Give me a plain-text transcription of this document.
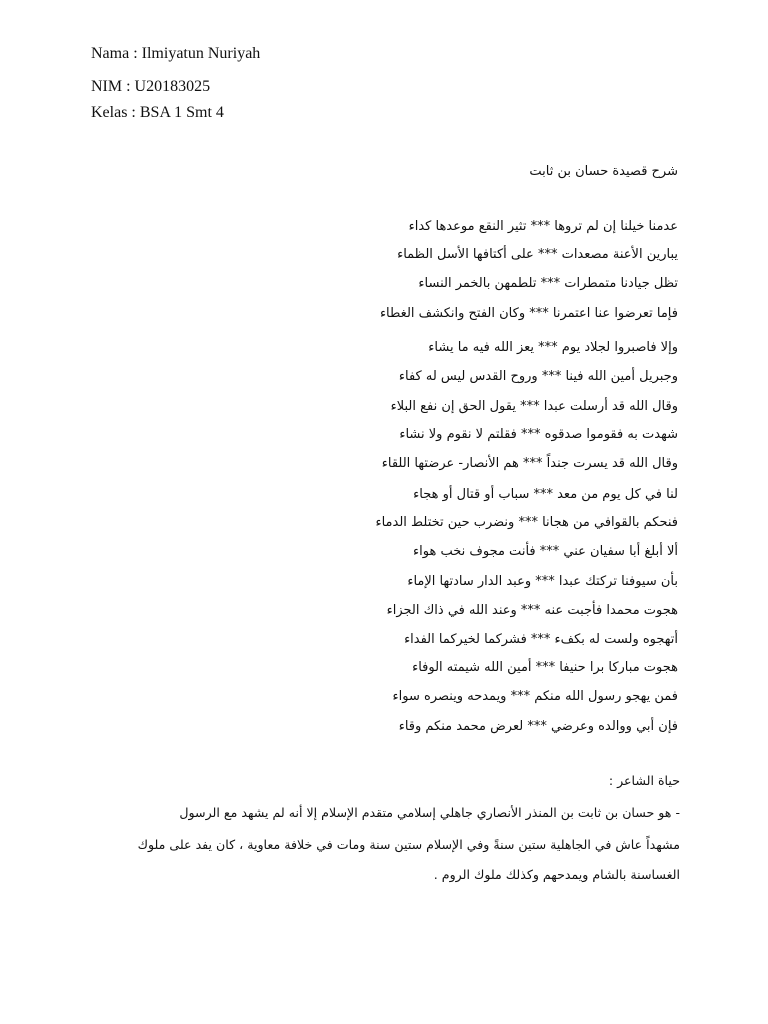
Nama : Ilmiyatun Nuriyah
NIM : U20183025
Kelas : BSA 1 Smt 4
شرح قصيدة حسان بن ثابت
عدمنا خيلنا إن لم تروها *** تثير النقع موعدها كداء
يبارين الأعنة مصعدات *** على أكتافها الأسل الظماء
تظل جيادنا متمطرات *** تلطمهن بالخمر النساء
فإما تعرضوا عنا اعتمرنا *** وكان الفتح وانكشف الغطاء
وإلا فاصبروا لجلاد يوم *** يعز الله فيه ما يشاء
وجبريل أمين الله فينا *** وروح القدس ليس له كفاء
وقال الله قد أرسلت عبدا *** يقول الحق إن نفع البلاء
شهدت به فقوموا صدقوه *** فقلتم لا نقوم ولا نشاء
وقال الله قد يسرت جنداً *** هم الأنصار- عرضتها اللقاء
لنا في كل يوم من معد *** سباب أو قتال أو هجاء
فنحكم بالقوافي من هجانا *** ونضرب حين تختلط الدماء
ألا أبلغ أبا سفيان عني *** فأنت مجوف نخب هواء
بأن سيوفنا تركتك عبدا *** وعبد الدار سادتها الإماء
هجوت محمدا فأجبت عنه *** وعند الله في ذاك الجزاء
أتهجوه ولست له بكفء *** فشركما لخيركما الفداء
هجوت مباركا برا حنيفا *** أمين الله شيمته الوفاء
فمن يهجو رسول الله منكم *** ويمدحه وينصره سواء
فإن أبي ووالده وعرضي *** لعرض محمد منكم وقاء
حياة الشاعر :
- هو حسان بن ثابت بن المنذر الأنصاري جاهلي إسلامي متقدم الإسلام إلا أنه لم يشهد مع الرسول
مشهداً عاش في الجاهلية ستين سنةً وفي الإسلام ستين سنة ومات في خلافة معاوية ، كان يفد على ملوك
الغساسنة بالشام ويمدحهم وكذلك ملوك الروم .
